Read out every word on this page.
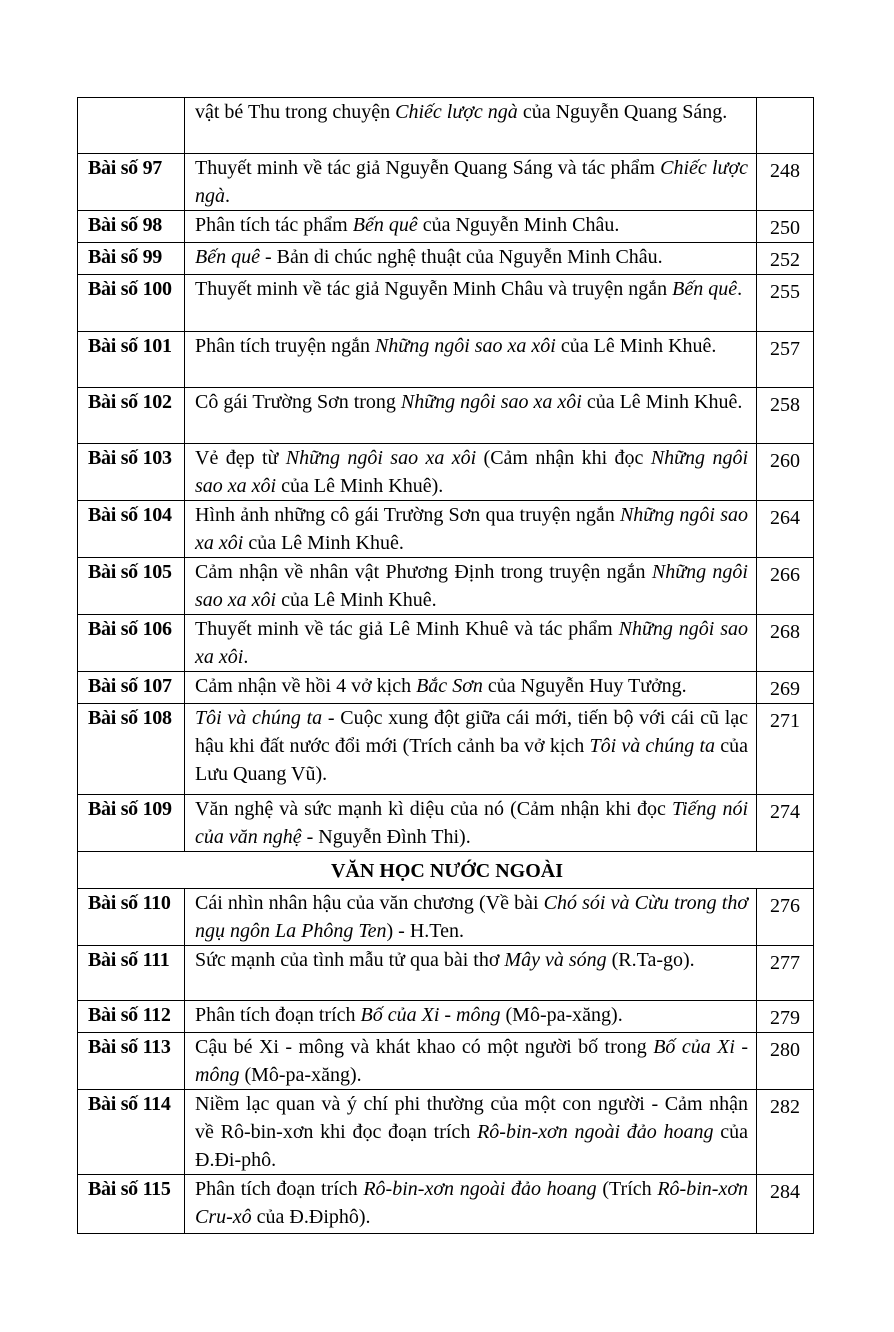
	vật bé Thu trong chuyện Chiếc lược ngà của Nguyễn Quang Sáng.	
Bài số 97	Thuyết minh về tác giả Nguyễn Quang Sáng và tác phẩm Chiếc lược ngà.	248
Bài số 98	Phân tích tác phẩm Bến quê của Nguyễn Minh Châu.	250
Bài số 99	Bến quê - Bản di chúc nghệ thuật của Nguyễn Minh Châu.	252
Bài số 100	Thuyết minh về tác giả Nguyễn Minh Châu và truyện ngắn Bến quê.	255
Bài số 101	Phân tích truyện ngắn Những ngôi sao xa xôi của Lê Minh Khuê.	257
Bài số 102	Cô gái Trường Sơn trong Những ngôi sao xa xôi của Lê Minh Khuê.	258
Bài số 103	Vẻ đẹp từ Những ngôi sao xa xôi (Cảm nhận khi đọc Những ngôi sao xa xôi của Lê Minh Khuê).	260
Bài số 104	Hình ảnh những cô gái Trường Sơn qua truyện ngắn Những ngôi sao xa xôi của Lê Minh Khuê.	264
Bài số 105	Cảm nhận về nhân vật Phương Định trong truyện ngắn Những ngôi sao xa xôi của Lê Minh Khuê.	266
Bài số 106	Thuyết minh về tác giả Lê Minh Khuê và tác phẩm Những ngôi sao xa xôi.	268
Bài số 107	Cảm nhận về hồi 4 vở kịch Bắc Sơn của Nguyễn Huy Tưởng.	269
Bài số 108	Tôi và chúng ta - Cuộc xung đột giữa cái mới, tiến bộ với cái cũ lạc hậu khi đất nước đổi mới (Trích cảnh ba vở kịch Tôi và chúng ta của Lưu Quang Vũ).	271
Bài số 109	Văn nghệ và sức mạnh kì diệu của nó (Cảm nhận khi đọc Tiếng nói của văn nghệ - Nguyễn Đình Thi).	274
VĂN HỌC NƯỚC NGOÀI		
Bài số 110	Cái nhìn nhân hậu của văn chương (Về bài Chó sói và Cừu trong thơ ngụ ngôn La Phông Ten) - H.Ten.	276
Bài số 111	Sức mạnh của tình mẫu tử qua bài thơ Mây và sóng (R.Ta-go).	277
Bài số 112	Phân tích đoạn trích Bố của Xi - mông (Mô-pa-xăng).	279
Bài số 113	Cậu bé Xi - mông và khát khao có một người bố trong Bố của Xi - mông (Mô-pa-xăng).	280
Bài số 114	Niềm lạc quan và ý chí phi thường của một con người - Cảm nhận về Rô-bin-xơn khi đọc đoạn trích Rô-bin-xơn ngoài đảo hoang của Đ.Đi-phô.	282
Bài số 115	Phân tích đoạn trích Rô-bin-xơn ngoài đảo hoang (Trích Rô-bin-xơn Cru-xô của Đ.Điphô).	284
